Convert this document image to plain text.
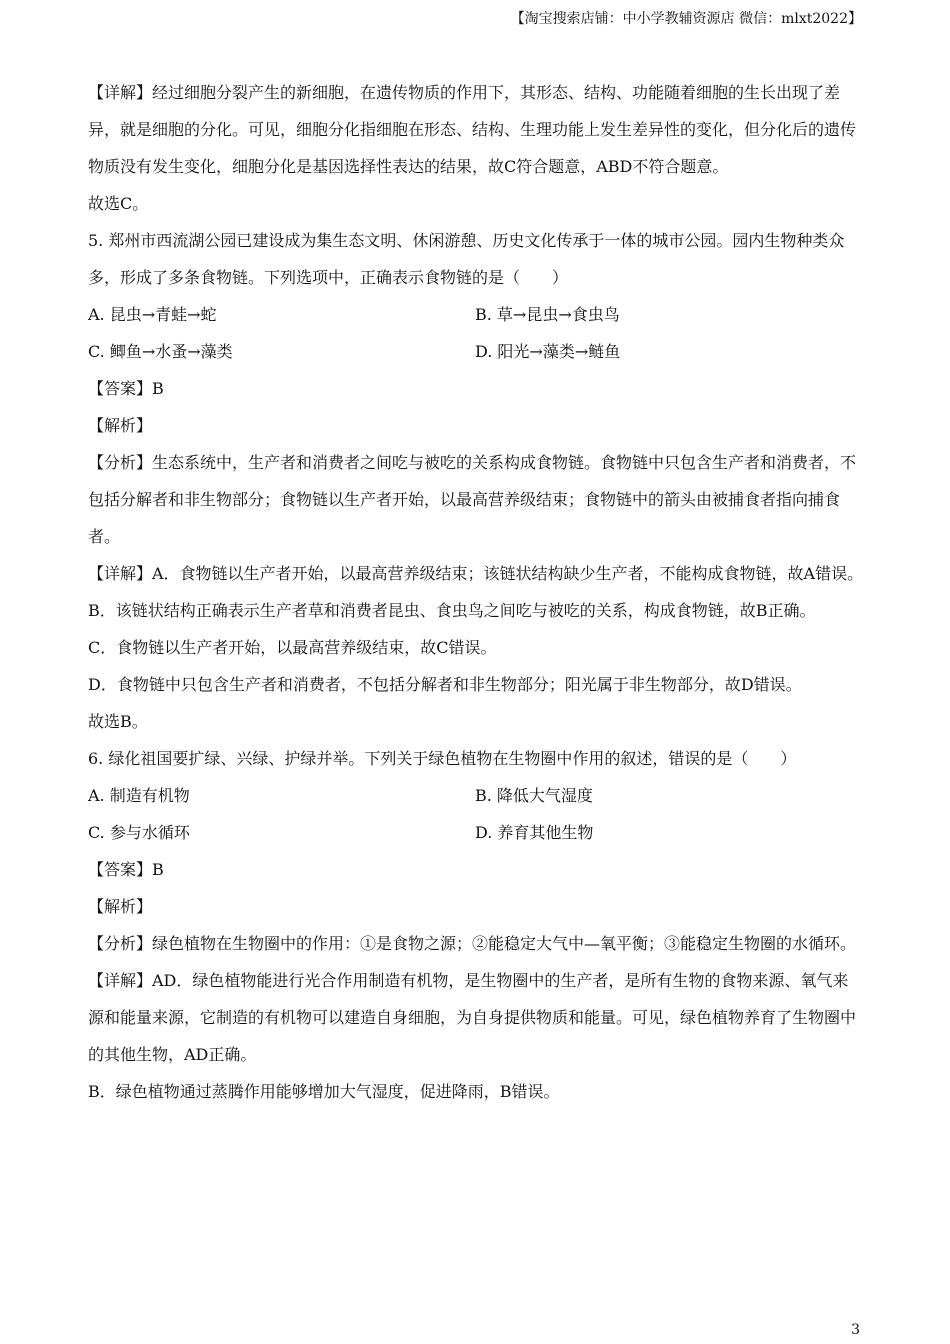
【淘宝搜索店铺：中小学教辅资源店 微信：mlxt2022】
【详解】经过细胞分裂产生的新细胞，在遗传物质的作用下，其形态、结构、功能随着细胞的生长出现了差异，就是细胞的分化。可见，细胞分化指细胞在形态、结构、生理功能上发生差异性的变化，但分化后的遗传物质没有发生变化，细胞分化是基因选择性表达的结果，故C符合题意，ABD不符合题意。
故选C。
5. 郑州市西流湖公园已建设成为集生态文明、休闲游憩、历史文化传承于一体的城市公园。园内生物种类众多，形成了多条食物链。下列选项中，正确表示食物链的是（　　）
A. 昆虫→青蛙→蛇	B. 草→昆虫→食虫鸟
C. 鲫鱼→水蚤→藻类	D. 阳光→藻类→鲢鱼
【答案】B
【解析】
【分析】生态系统中，生产者和消费者之间吃与被吃的关系构成食物链。食物链中只包含生产者和消费者，不包括分解者和非生物部分；食物链以生产者开始，以最高营养级结束；食物链中的箭头由被捕食者指向捕食者。
【详解】A．食物链以生产者开始，以最高营养级结束；该链状结构缺少生产者，不能构成食物链，故A错误。
B．该链状结构正确表示生产者草和消费者昆虫、食虫鸟之间吃与被吃的关系，构成食物链，故B正确。
C．食物链以生产者开始，以最高营养级结束，故C错误。
D．食物链中只包含生产者和消费者，不包括分解者和非生物部分；阳光属于非生物部分，故D错误。
故选B。
6. 绿化祖国要扩绿、兴绿、护绿并举。下列关于绿色植物在生物圈中作用的叙述，错误的是（　　）
A. 制造有机物	B. 降低大气湿度
C. 参与水循环	D. 养育其他生物
【答案】B
【解析】
【分析】绿色植物在生物圈中的作用：①是食物之源；②能稳定大气中—氧平衡；③能稳定生物圈的水循环。
【详解】AD．绿色植物能进行光合作用制造有机物，是生物圈中的生产者，是所有生物的食物来源、氧气来源和能量来源，它制造的有机物可以建造自身细胞，为自身提供物质和能量。可见，绿色植物养育了生物圈中的其他生物，AD正确。
B．绿色植物通过蒸腾作用能够增加大气湿度，促进降雨，B错误。
3
